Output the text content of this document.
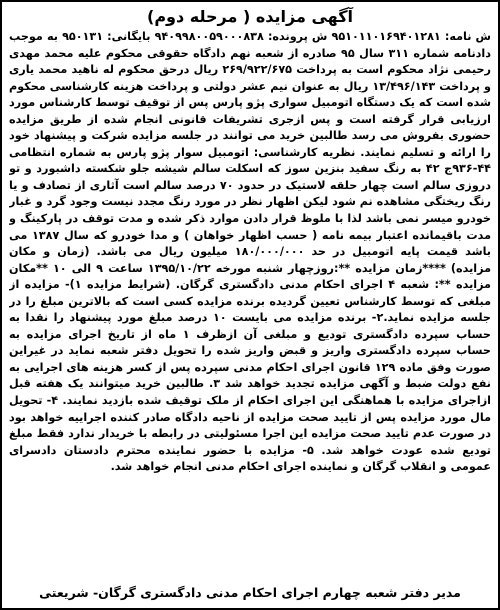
آگهی مزایده ( مرحله دوم)

ش نامه: ۹۵۱۰۱۱۰۱۶۹۴۰۱۲۸۱ ش پرونده: ۹۴۰۹۹۸۰۰۵۹۰۰۰۸۳۸ بایگانی: ۹۵۰۱۳۱ به موجب دادنامه شماره ۳۱۱ سال ۹۵ صادره از شعبه نهم دادگاه حقوقی محکوم علیه محمد مهدی رحیمی نژاد محکوم است به پرداخت ۲۶۹/۹۲۲/۶۷۵ ریال درحق محکوم له ناهید محمد یاری و پرداخت ۱۳/۴۹۶/۱۴۳ ریال به عنوان نیم عشر دولتی و پرداخت هزینه کارشناسی محکوم شده است که یک دستگاه اتومبیل سواری پژو پارس پس از توقیف توسط کارشناس مورد ارزیابی قرار گرفته است و پس ازجری تشریفات قانونی انجام شده از طریق مزایده حضوری بفروش می رسد طالبین خرید می توانند در جلسه مزایده شرکت و پیشنهاد خود را ارائه و تسلیم نمایند. نظریه کارشناسی: اتومبیل سوار پژو پارس به شماره انتظامی ۴۴-۹۳۶ج ۴۲ به رنگ سفید بنزین سوز که اسکلت سالم شیشه جلو شکسته داشبورد و تو دروزی سالم است چهار حلقه لاستیک در حدود ۷۰ درصد سالم است آثاری از تصادف و یا رنگ ریختگی مشاهده نم شود لیکن اظهار نظر در مورد رنگ مجدد نیست وجود گرد و غبار خودرو میسر نمی باشد لذا با ملوظ قرار دادن موارد ذکر شده و مدت توقف در پارکینگ و مدت باقیمانده اعتبار بیمه نامه ( حسب اظهار خواهان ) و مدا خودرو که سال ۱۳۸۷ می باشد قیمت پایه اتومبیل در حد ۱۸۰/۰۰۰/۰۰۰ میلیون ریال می باشد. (زمان و مکان مزایده) ****زمان مزایده **:روزچهار شنبه مورخه ۱۳۹۵/۱۰/۲۲ ساعت ۹ الی ۱۰ **مکان مزایده **: شعبه ۴ اجرای احکام مدنی دادگستری گرگان. (شرایط مزایده ۱)- مزایده از مبلغی که توسط کارشناس تعیین گردیده برنده مزایده کسی است که بالاترین مبلغ را در جلسه مزایده نماید.۲- برنده مزایده می بایست ۱۰ درصد مبلغ مورد پیشنهاد را نقدا به حساب سپرده دادگستری تودیع و مبلغی آن ازظرف ۱ ماه از تاریخ اجرای مزایده به حساب سپرده دادگستری واریز و قبض واریز شده را تحویل دفتر شعبه نماید در غیراین صورت وفق ماده ۱۲۹ قانون اجرای احکام مدنی سپرده پس از کسر هزینه های اجرایی به نفع دولت ضبط و آگهی مزایده تجدید خواهد شد ۳. طالبین خرید میتوانند یک هفته قبل ازاجرای مزایده با هماهنگی این اجرای احکام از ملک توقیف شده بازدید نمایند. ۴- تحویل مال مورد مزایده پس از تایید صحت مزایده از ناحیه دادگاه صادر کننده اجراییه خواهد بود در صورت عدم تایید صحت مزایده این اجرا مسئولیتی در رابطه با خریدار ندارد فقط مبلغ تودیع شده عودت خواهد شد. ۵- مزایده با حضور نماینده محترم دادستان دادسرای عمومی و انقلاب گرگان و نماینده اجرای احکام مدنی انجام خواهد شد.

مدیر دفتر شعبه چهارم اجرای احکام مدنی دادگستری گرگان- شریعتی
